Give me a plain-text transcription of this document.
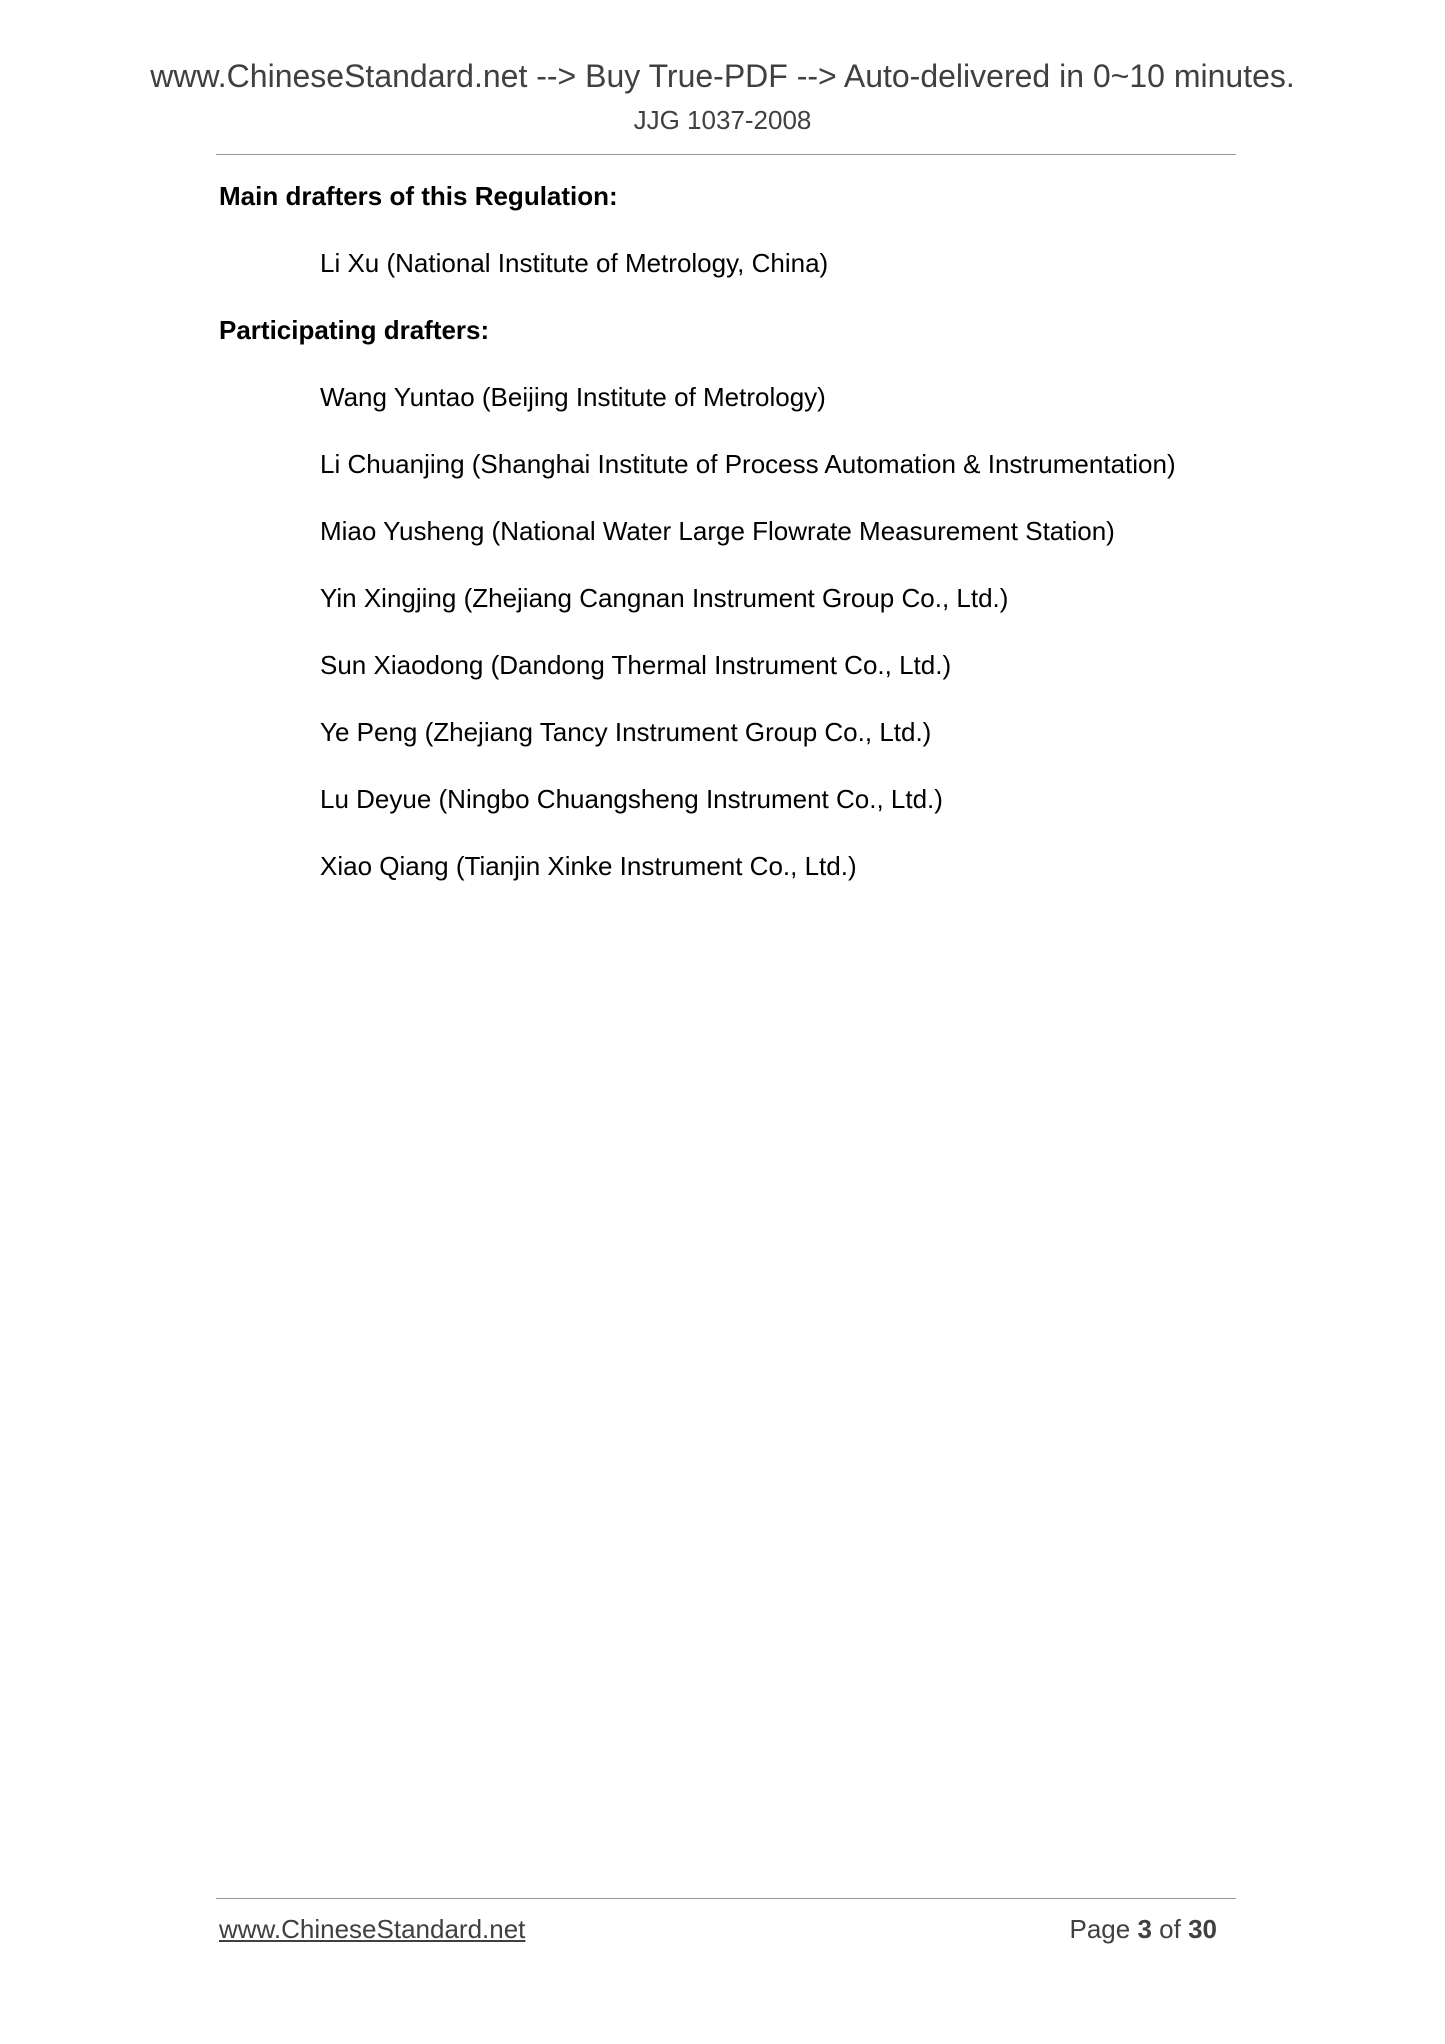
www.ChineseStandard.net --> Buy True-PDF --> Auto-delivered in 0~10 minutes.
JJG 1037-2008
Main drafters of this Regulation:
Li Xu (National Institute of Metrology, China)
Participating drafters:
Wang Yuntao (Beijing Institute of Metrology)
Li Chuanjing (Shanghai Institute of Process Automation & Instrumentation)
Miao Yusheng (National Water Large Flowrate Measurement Station)
Yin Xingjing (Zhejiang Cangnan Instrument Group Co., Ltd.)
Sun Xiaodong (Dandong Thermal Instrument Co., Ltd.)
Ye Peng (Zhejiang Tancy Instrument Group Co., Ltd.)
Lu Deyue (Ningbo Chuangsheng Instrument Co., Ltd.)
Xiao Qiang (Tianjin Xinke Instrument Co., Ltd.)
www.ChineseStandard.net	Page 3 of 30
